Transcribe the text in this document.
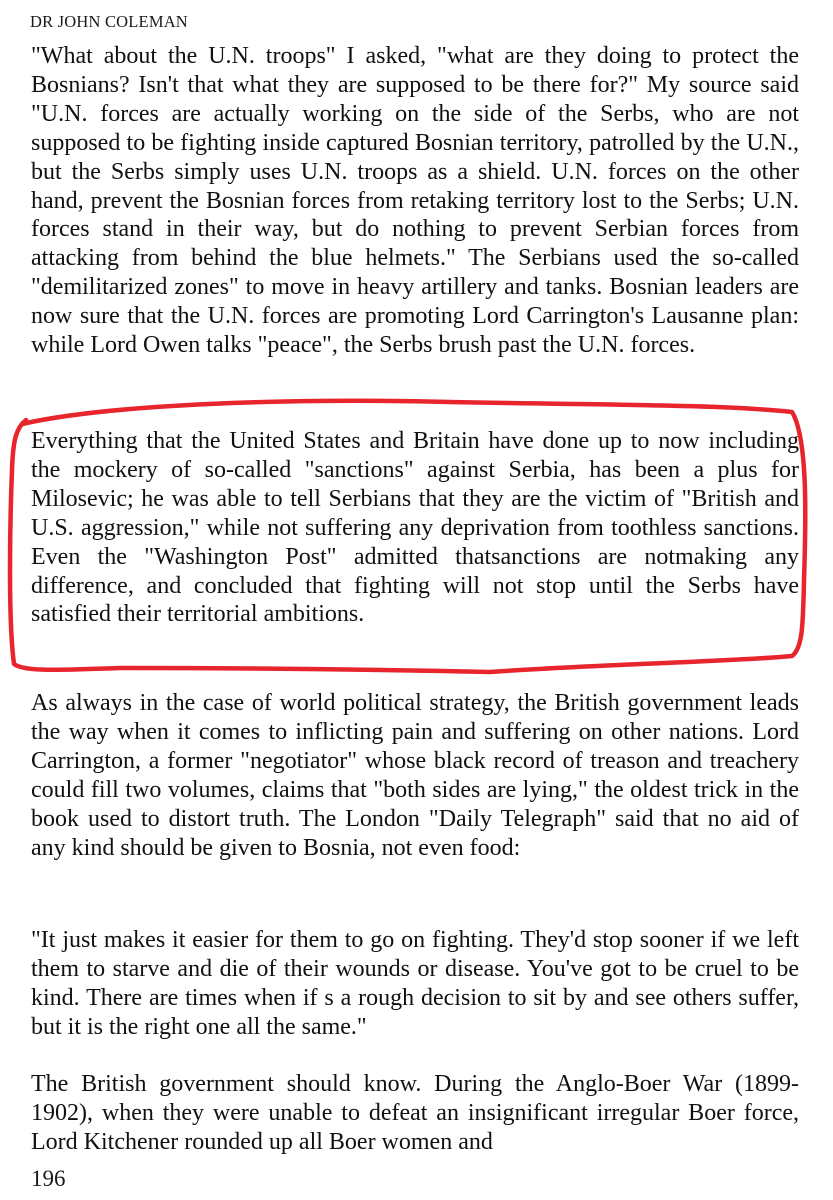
DR JOHN COLEMAN

"What about the U.N. troops" I asked, "what are they doing to protect the Bosnians? Isn't that what they are supposed to be there for?" My source said "U.N. forces are actually working on the side of the Serbs, who are not supposed to be fighting inside captured Bosnian territory, patrolled by the U.N., but the Serbs simply uses U.N. troops as a shield. U.N. forces on the other hand, prevent the Bosnian forces from retaking territory lost to the Serbs; U.N. forces stand in their way, but do nothing to prevent Serbian forces from attacking from behind the blue helmets." The Serbians used the so-called "demilitarized zones" to move in heavy artillery and tanks. Bosnian leaders are now sure that the U.N. forces are promoting Lord Carrington's Lausanne plan: while Lord Owen talks "peace", the Serbs brush past the U.N. forces.

Everything that the United States and Britain have done up to now including the mockery of so-called "sanctions" against Serbia, has been a plus for Milosevic; he was able to tell Serbians that they are the victim of "British and U.S. aggression," while not suffering any deprivation from toothless sanctions. Even the "Washington Post" admitted thatsanctions are notmaking any difference, and concluded that fighting will not stop until the Serbs have satisfied their territorial ambitions.

As always in the case of world political strategy, the British government leads the way when it comes to inflicting pain and suffering on other nations. Lord Carrington, a former "negotiator" whose black record of treason and treachery could fill two volumes, claims that "both sides are lying," the oldest trick in the book used to distort truth. The London "Daily Telegraph" said that no aid of any kind should be given to Bosnia, not even food:

"It just makes it easier for them to go on fighting. They'd stop sooner if we left them to starve and die of their wounds or disease. You've got to be cruel to be kind. There are times when if s a rough decision to sit by and see others suffer, but it is the right one all the same."

The British government should know. During the Anglo-Boer War (1899-1902), when they were unable to defeat an insignificant irregular Boer force, Lord Kitchener rounded up all Boer women and

196
